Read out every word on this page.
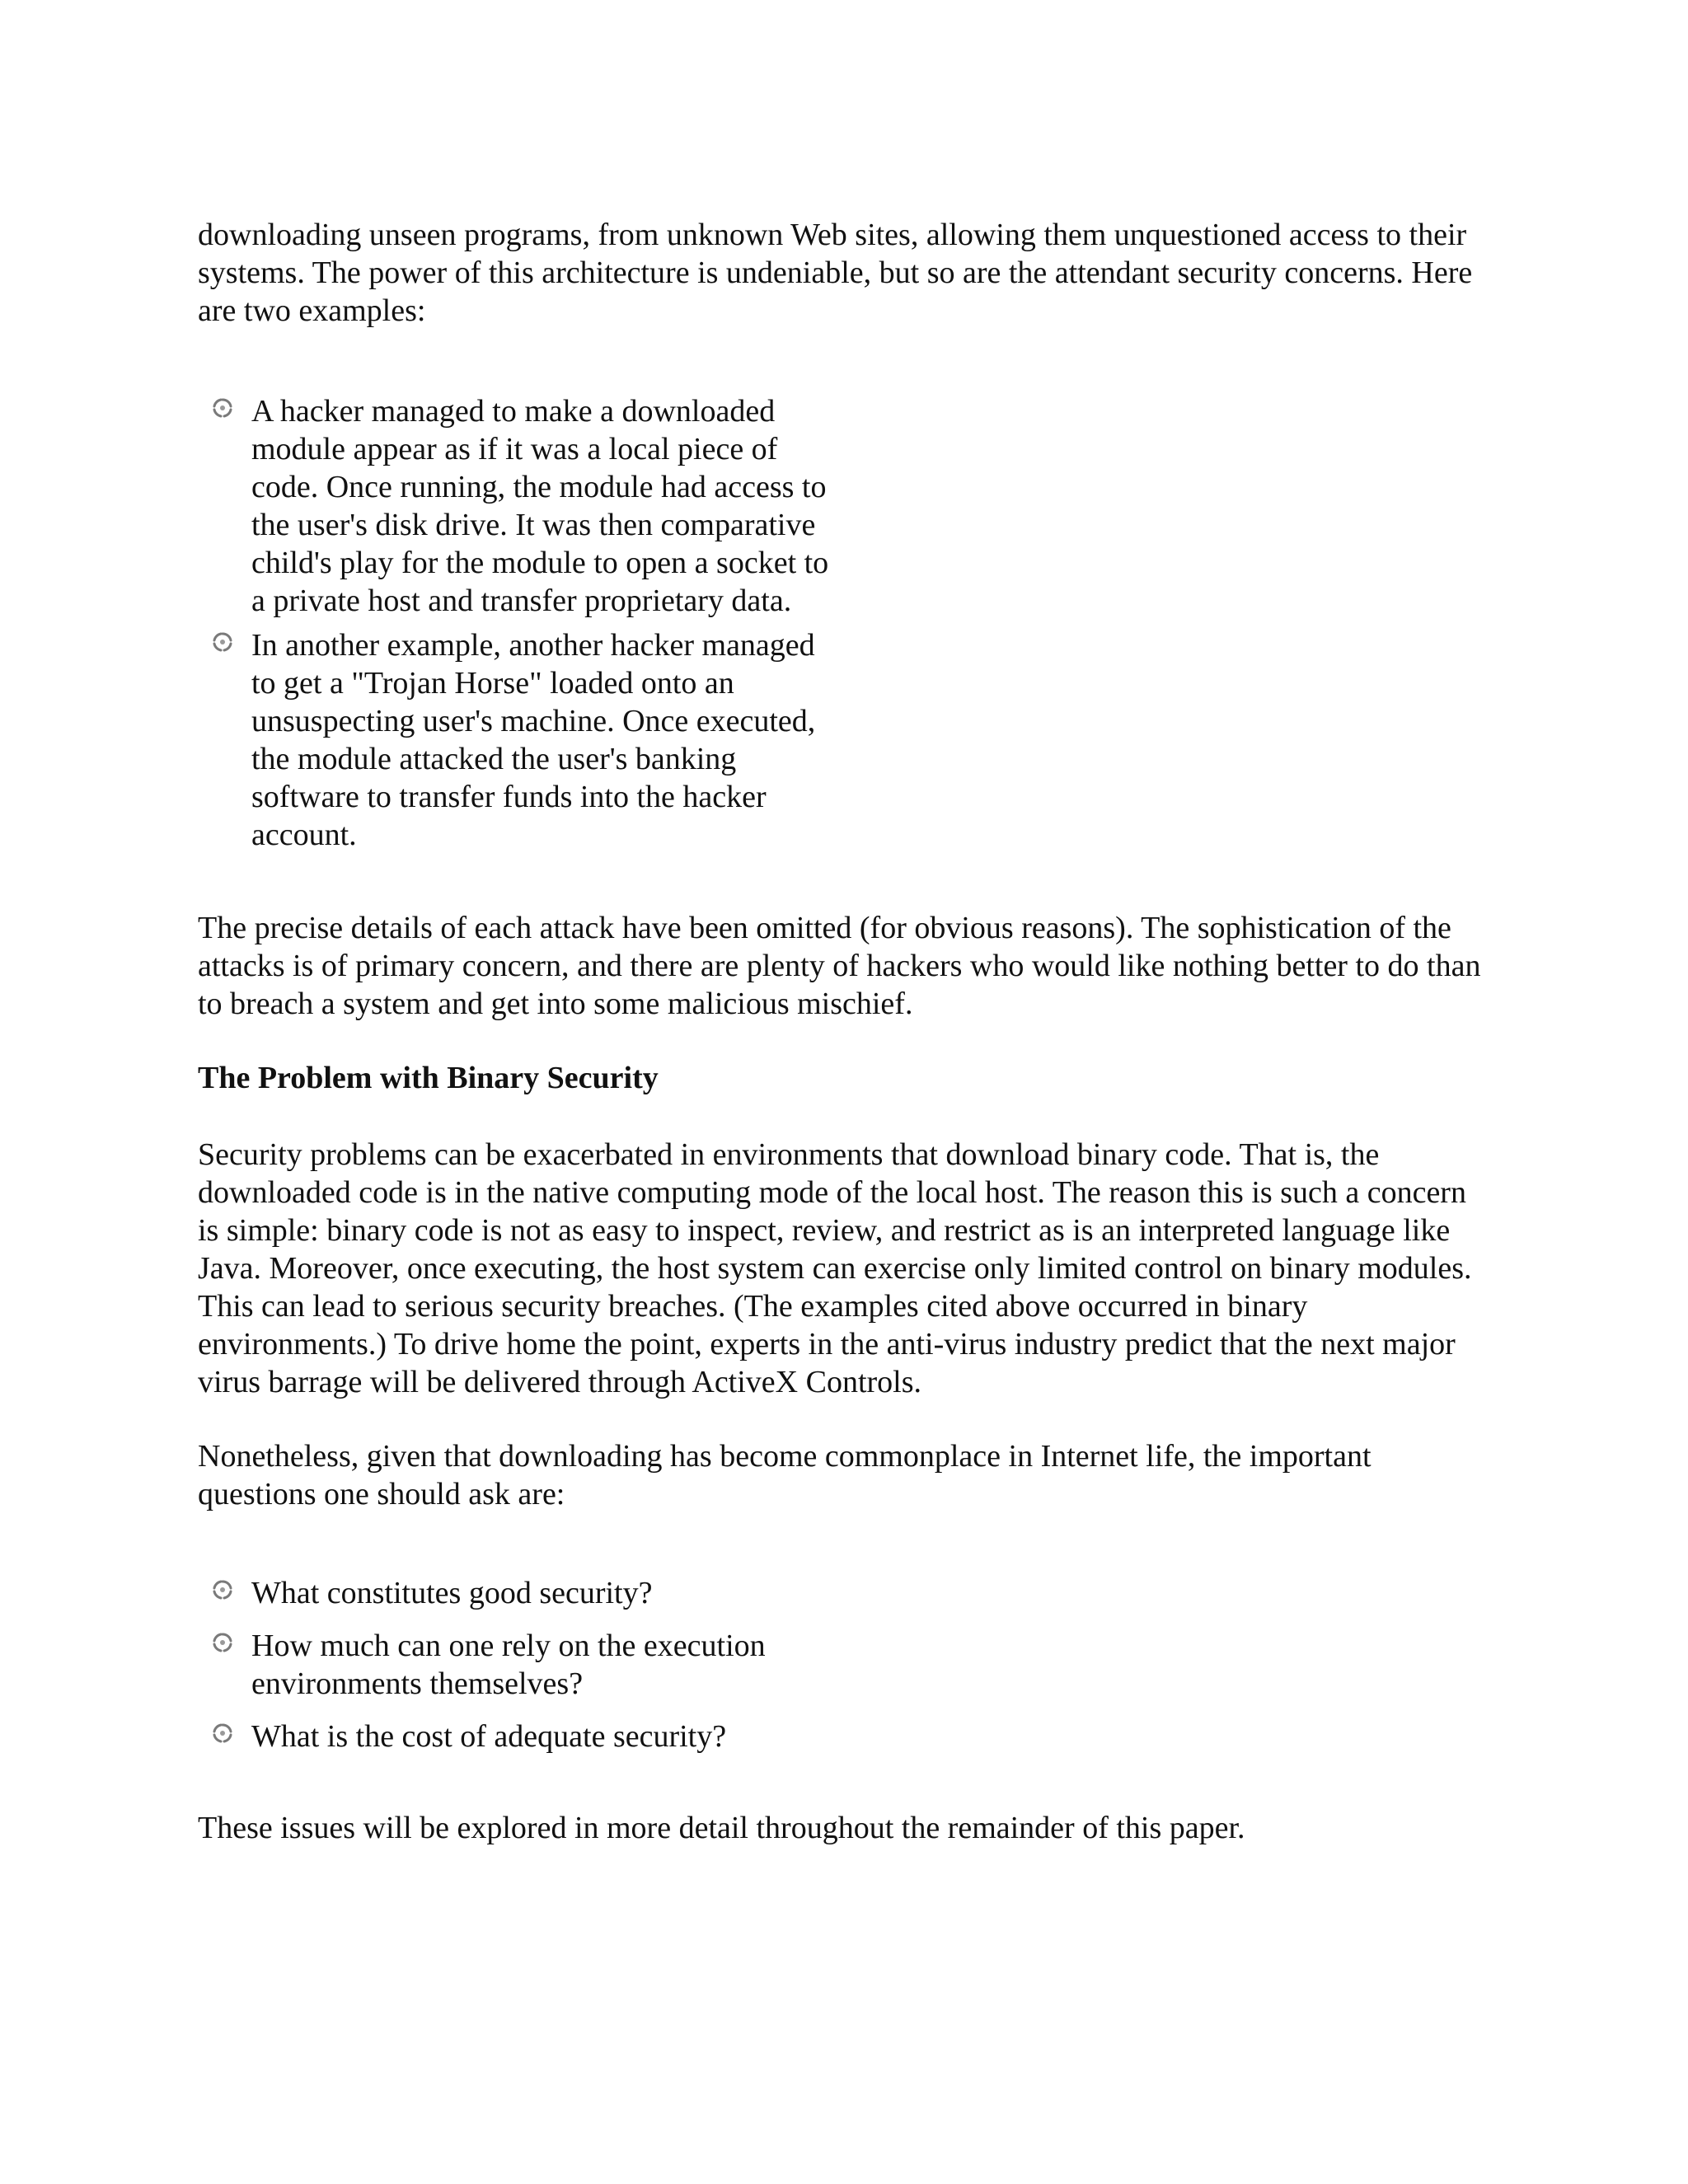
downloading unseen programs, from unknown Web sites, allowing them unquestioned access to their systems. The power of this architecture is undeniable, but so are the attendant security concerns. Here are two examples:

A hacker managed to make a downloaded
module appear as if it was a local piece of
code. Once running, the module had access to
the user's disk drive. It was then comparative
child's play for the module to open a socket to
a private host and transfer proprietary data.
In another example, another hacker managed
to get a "Trojan Horse" loaded onto an
unsuspecting user's machine. Once executed,
the module attacked the user's banking
software to transfer funds into the hacker
account.

The precise details of each attack have been omitted (for obvious reasons). The sophistication of the attacks is of primary concern, and there are plenty of hackers who would like nothing better to do than to breach a system and get into some malicious mischief.

The Problem with Binary Security

Security problems can be exacerbated in environments that download binary code. That is, the downloaded code is in the native computing mode of the local host. The reason this is such a concern is simple: binary code is not as easy to inspect, review, and restrict as is an interpreted language like Java. Moreover, once executing, the host system can exercise only limited control on binary modules. This can lead to serious security breaches. (The examples cited above occurred in binary environments.) To drive home the point, experts in the anti-virus industry predict that the next major virus barrage will be delivered through ActiveX Controls.

Nonetheless, given that downloading has become commonplace in Internet life, the important questions one should ask are:

What constitutes good security?
How much can one rely on the execution
environments themselves?
What is the cost of adequate security?

These issues will be explored in more detail throughout the remainder of this paper.
